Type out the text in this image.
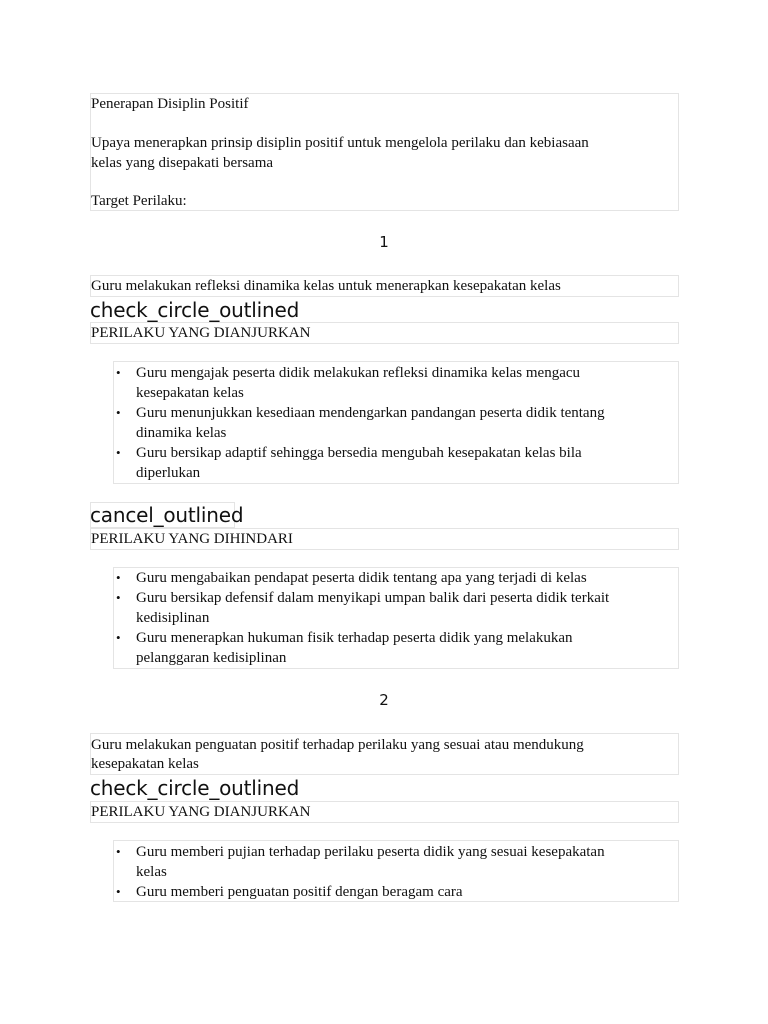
Penerapan Disiplin Positif
Upaya menerapkan prinsip disiplin positif untuk mengelola perilaku dan kebiasaan
kelas yang disepakati bersama
Target Perilaku:
1
Guru melakukan refleksi dinamika kelas untuk menerapkan kesepakatan kelas
check_circle_outlined
PERILAKU YANG DIANJURKAN
• Guru mengajak peserta didik melakukan refleksi dinamika kelas mengacu
kesepakatan kelas
• Guru menunjukkan kesediaan mendengarkan pandangan peserta didik tentang
dinamika kelas
• Guru bersikap adaptif sehingga bersedia mengubah kesepakatan kelas bila
diperlukan
cancel_outlined
PERILAKU YANG DIHINDARI
• Guru mengabaikan pendapat peserta didik tentang apa yang terjadi di kelas
• Guru bersikap defensif dalam menyikapi umpan balik dari peserta didik terkait
kedisiplinan
• Guru menerapkan hukuman fisik terhadap peserta didik yang melakukan
pelanggaran kedisiplinan
2
Guru melakukan penguatan positif terhadap perilaku yang sesuai atau mendukung
kesepakatan kelas
check_circle_outlined
PERILAKU YANG DIANJURKAN
• Guru memberi pujian terhadap perilaku peserta didik yang sesuai kesepakatan
kelas
• Guru memberi penguatan positif dengan beragam cara
